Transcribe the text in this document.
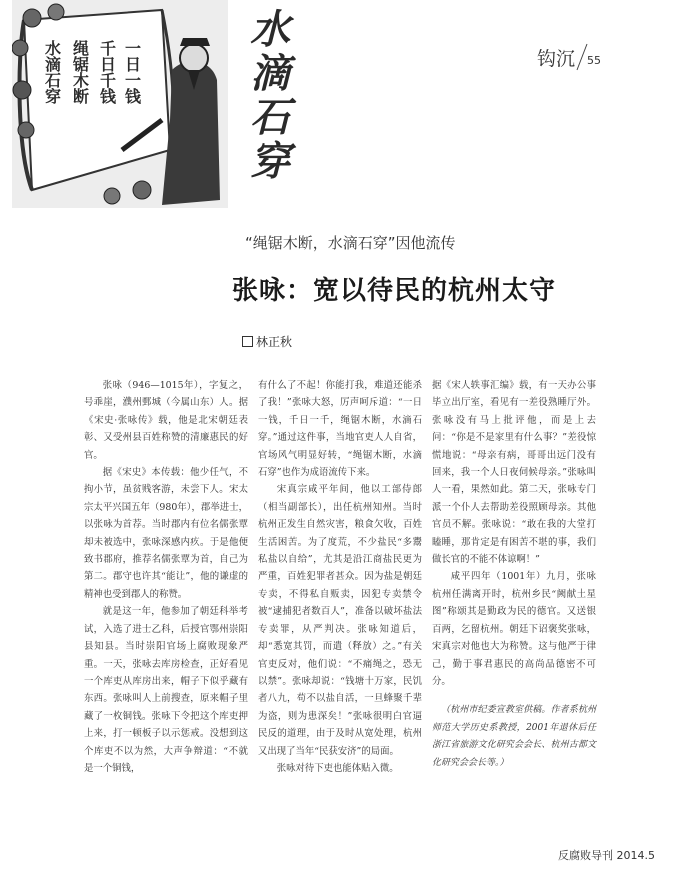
一日一钱
千日千钱
绳锯木断
水滴石穿
水
滴
石
穿
钩沉 55
“绳锯木断，水滴石穿”因他流传
张咏：宽以待民的杭州太守
林正秋

张咏（946—1015年），字复之，号乖崖，濮州鄄城（今属山东）人。据《宋史·张咏传》载，他是北宋朝廷表彰、又受州县百姓称赞的清廉惠民的好官。

据《宋史》本传载：他少任气，不拘小节，虽贫贱客游，未尝下人。宋太宗太平兴国五年（980年），郡举进士，以张咏为首荐。当时郡内有位名儒张覃却未被选中，张咏深感内疚。于是他便致书郡府，推荐名儒张覃为首，自己为第二。郡守也许其“能让”，他的谦虚的精神也受到郡人的称赞。

就是这一年，他参加了朝廷科举考试，入选了进士乙科，后授官鄂州崇阳县知县。当时崇阳官场上腐败现象严重。一天，张咏去库房检查，正好看见一个库吏从库房出来，帽子下似乎藏有东西。张咏叫人上前搜查，原来帽子里藏了一枚铜钱。张咏下令把这个库吏押上来，打一顿板子以示惩戒。没想到这个库吏不以为然，大声争辩道：“不就是一个铜钱，

有什么了不起！你能打我，难道还能杀了我！”张咏大怒，厉声呵斥道：“一日一钱，千日一千，绳锯木断，水滴石穿。”通过这件事，当地官吏人人自省，官场风气明显好转，“绳锯木断，水滴石穿”也作为成语流传下来。

宋真宗咸平年间，他以工部侍郎（相当副部长），出任杭州知州。当时杭州正发生自然灾害，粮食欠收，百姓生活困苦。为了度荒，不少盐民“多鬻私盐以自给”，尤其是沿江商盐民更为严重，百姓犯罪者甚众。因为盐是朝廷专卖，不得私自贩卖，因犯专卖禁令被“逮捕犯者数百人”，准备以破坏盐法专卖罪，从严判决。张咏知道后，却“悉宽其罚，而遣（释放）之。”有关官吏反对，他们说：“不痛绳之，恐无以禁”。张咏却说：“钱塘十万家，民饥者八九，苟不以盐自活，一旦蜂聚千辈为盗，则为患深矣！”张咏很明白官逼民反的道理，由于及时从宽处理，杭州又出现了当年“民获安济”的局面。

张咏对待下吏也能体贴入微。

据《宋人轶事汇编》载，有一天办公事毕立出厅室，看见有一差役熟睡厅外。张咏没有马上批评他，而是上去问：“你是不是家里有什么事？”差役惊慌地说：“母亲有病，哥哥出远门没有回来，我一个人日夜伺候母亲。”张咏叫人一看，果然如此。第二天，张咏专门派一个仆人去帮助差役照顾母亲。其他官员不解。张咏说：“敢在我的大堂打瞌睡，那肯定是有困苦不堪的事，我们做长官的不能不体谅啊！”

咸平四年（1001年）九月，张咏杭州任满离开时，杭州乡民“阙献土星图”称颂其是勤政为民的德官。又送银百两，乞留杭州。朝廷下诏褒奖张咏，宋真宗对他也大为称赞。这与他严于律己，勤于事君惠民的高尚品德密不可分。

（杭州市纪委宣教室供稿。作者系杭州师范大学历史系教授，2001年退休后任浙江省旅游文化研究会会长、杭州古都文化研究会会长等。）

反腐败导刊 2014.5
